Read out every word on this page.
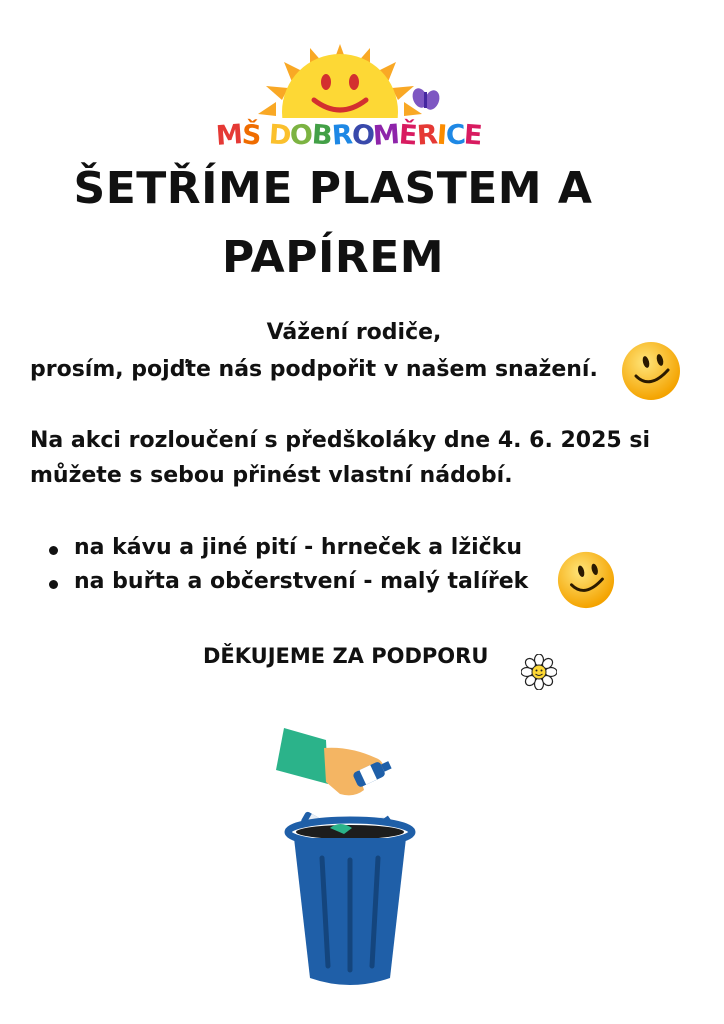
MŠ DOBROMĚRICE
ŠETŘÍME PLASTEM A
PAPÍREM
Vážení rodiče,
prosím, pojďte nás podpořit v našem snažení.
Na akci rozloučení s předškoláky dne 4. 6. 2025 si
můžete s sebou přinést vlastní nádobí.
na kávu a jiné pití - hrneček a lžičku
na buřta a občerstvení - malý talířek
DĚKUJEME ZA PODPORU
